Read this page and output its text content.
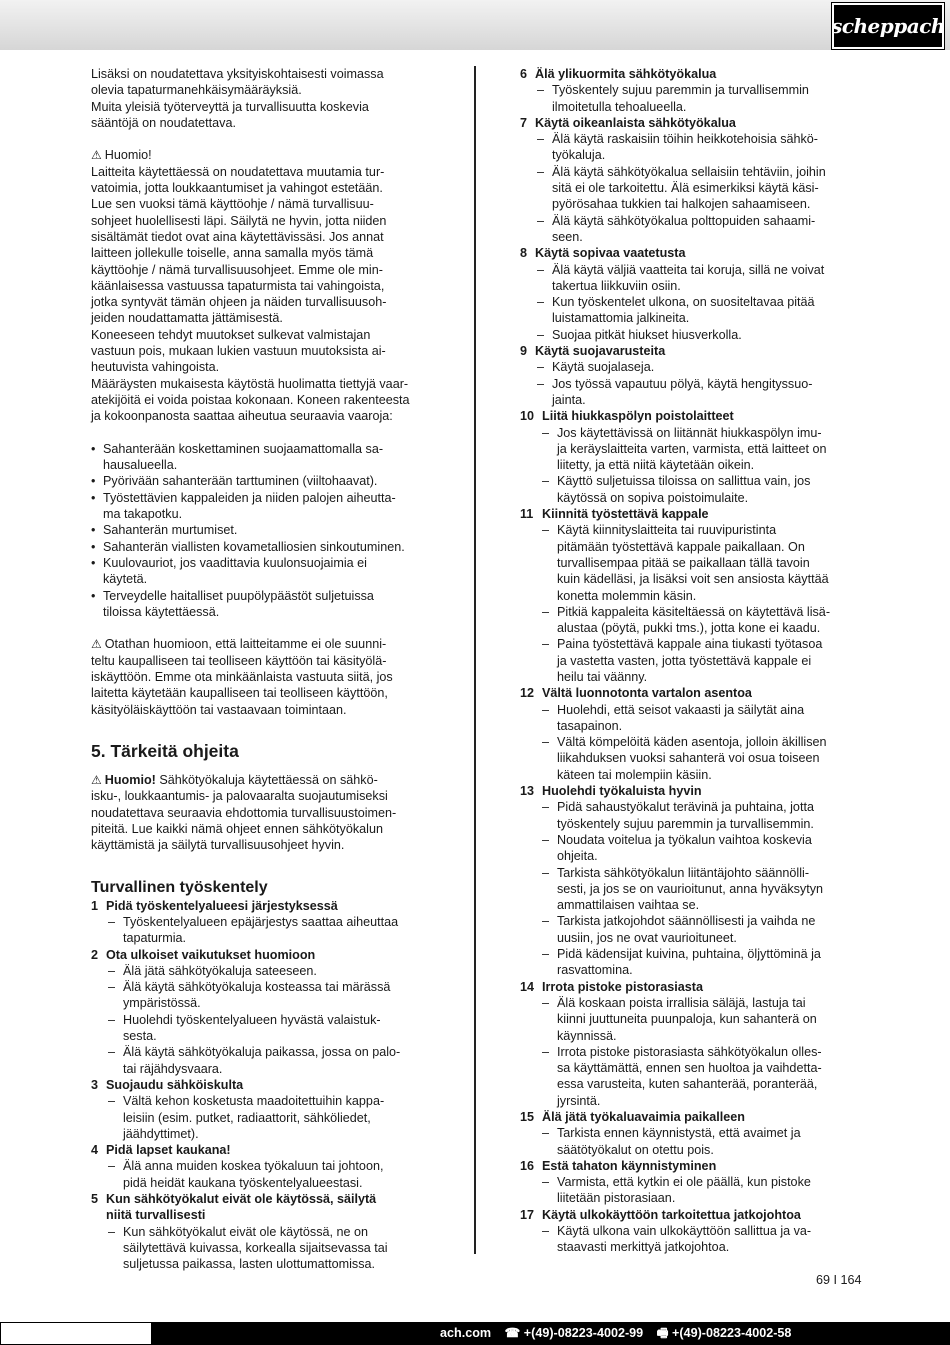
scheppach
Lisäksi on noudatettava yksityiskohtaisesti voimassa
olevia tapaturmanehkäisymääräyksiä.
Muita yleisiä työterveyttä ja turvallisuutta koskevia
sääntöjä on noudatettava.
⚠ Huomio!
Laitteita käytettäessä on noudatettava muutamia tur-
vatoimia, jotta loukkaantumiset ja vahingot estetään.
Lue sen vuoksi tämä käyttöohje / nämä turvallisuu-
sohjeet huolellisesti läpi. Säilytä ne hyvin, jotta niiden
sisältämät tiedot ovat aina käytettävissäsi. Jos annat
laitteen jollekulle toiselle, anna samalla myös tämä
käyttöohje / nämä turvallisuusohjeet. Emme ole min-
käänlaisessa vastuussa tapaturmista tai vahingoista,
jotka syntyvät tämän ohjeen ja näiden turvallisuusoh-
jeiden noudattamatta jättämisestä.
Koneeseen tehdyt muutokset sulkevat valmistajan
vastuun pois, mukaan lukien vastuun muutoksista ai-
heutuvista vahingoista.
Määräysten mukaisesta käytöstä huolimatta tiettyjä vaar-
atekijöitä ei voida poistaa kokonaan. Koneen rakenteesta
ja kokoonpanosta saattaa aiheutua seuraavia vaaroja:
• Sahanterään koskettaminen suojaamattomalla sa-
hausalueella.
• Pyörivään sahanterään tarttuminen (viiltohaavat).
• Työstettävien kappaleiden ja niiden palojen aiheutta-
ma takapotku.
• Sahanterän murtumiset.
• Sahanterän viallisten kovametalliosien sinkoutuminen.
• Kuulovauriot, jos vaadittavia kuulonsuojaimia ei
käytetä.
• Terveydelle haitalliset puupölypäästöt suljetuissa
tiloissa käytettäessä.
⚠ Otathan huomioon, että laitteitamme ei ole suunni-
teltu kaupalliseen tai teolliseen käyttöön tai käsityölä-
iskäyttöön. Emme ota minkäänlaista vastuuta siitä, jos
laitetta käytetään kaupalliseen tai teolliseen käyttöön,
käsityöläiskäyttöön tai vastaavaan toimintaan.
5. Tärkeitä ohjeita
⚠ Huomio! Sähkötyökaluja käytettäessä on sähkö-
isku-, loukkaantumis- ja palovaaralta suojautumiseksi
noudatettava seuraavia ehdottomia turvallisuustoimen-
piteitä. Lue kaikki nämä ohjeet ennen sähkötyökalun
käyttämistä ja säilytä turvallisuusohjeet hyvin.
Turvallinen työskentely
1 Pidä työskentelyalueesi järjestyksessä
– Työskentelyalueen epäjärjestys saattaa aiheuttaa
tapaturmia.
2 Ota ulkoiset vaikutukset huomioon
– Älä jätä sähkötyökaluja sateeseen.
– Älä käytä sähkötyökaluja kosteassa tai märässä
ympäristössä.
– Huolehdi työskentelyalueen hyvästä valaistuk-
sesta.
– Älä käytä sähkötyökaluja paikassa, jossa on palo-
tai räjähdysvaara.
3 Suojaudu sähköiskulta
– Vältä kehon kosketusta maadoitettuihin kappa-
leisiin (esim. putket, radiaattorit, sähköliedet,
jäähdyttimet).
4 Pidä lapset kaukana!
– Älä anna muiden koskea työkaluun tai johtoon,
pidä heidät kaukana työskentelyalueestasi.
5 Kun sähkötyökalut eivät ole käytössä, säilytä
niitä turvallisesti
– Kun sähkötyökalut eivät ole käytössä, ne on
säilytettävä kuivassa, korkealla sijaitsevassa tai
suljetussa paikassa, lasten ulottumattomissa.
6 Älä ylikuormita sähkötyökalua
– Työskentely sujuu paremmin ja turvallisemmin
ilmoitetulla tehoalueella.
7 Käytä oikeanlaista sähkötyökalua
– Älä käytä raskaisiin töihin heikkotehoisia sähkö-
työkaluja.
– Älä käytä sähkötyökalua sellaisiin tehtäviin, joihin
sitä ei ole tarkoitettu. Älä esimerkiksi käytä käsi-
pyörösahaa tukkien tai halkojen sahaamiseen.
– Älä käytä sähkötyökalua polttopuiden sahaami-
seen.
8 Käytä sopivaa vaatetusta
– Älä käytä väljiä vaatteita tai koruja, sillä ne voivat
takertua liikkuviin osiin.
– Kun työskentelet ulkona, on suositeltavaa pitää
luistamattomia jalkineita.
– Suojaa pitkät hiukset hiusverkolla.
9 Käytä suojavarusteita
– Käytä suojalaseja.
– Jos työssä vapautuu pölyä, käytä hengityssuo-
jainta.
10 Liitä hiukkaspölyn poistolaitteet
– Jos käytettävissä on liitännät hiukkaspölyn imu-
ja keräyslaitteita varten, varmista, että laitteet on
liitetty, ja että niitä käytetään oikein.
– Käyttö suljetuissa tiloissa on sallittua vain, jos
käytössä on sopiva poistoimulaite.
11 Kiinnitä työstettävä kappale
– Käytä kiinnityslaitteita tai ruuvipuristinta
pitämään työstettävä kappale paikallaan. On
turvallisempaa pitää se paikallaan tällä tavoin
kuin kädelläsi, ja lisäksi voit sen ansiosta käyttää
konetta molemmin käsin.
– Pitkiä kappaleita käsiteltäessä on käytettävä lisä-
alustaa (pöytä, pukki tms.), jotta kone ei kaadu.
– Paina työstettävä kappale aina tiukasti työtasoa
ja vastetta vasten, jotta työstettävä kappale ei
heilu tai väänny.
12 Vältä luonnotonta vartalon asentoa
– Huolehdi, että seisot vakaasti ja säilytät aina
tasapainon.
– Vältä kömpelöitä käden asentoja, jolloin äkillisen
liikahduksen vuoksi sahanterä voi osua toiseen
käteen tai molempiin käsiin.
13 Huolehdi työkaluista hyvin
– Pidä sahaustyökalut terävinä ja puhtaina, jotta
työskentely sujuu paremmin ja turvallisemmin.
– Noudata voitelua ja työkalun vaihtoa koskevia
ohjeita.
– Tarkista sähkötyökalun liitäntäjohto säännölli-
sesti, ja jos se on vaurioitunut, anna hyväksytyn
ammattilaisen vaihtaa se.
– Tarkista jatkojohdot säännöllisesti ja vaihda ne
uusiin, jos ne ovat vaurioituneet.
– Pidä kädensijat kuivina, puhtaina, öljyttöminä ja
rasvattomina.
14 Irrota pistoke pistorasiasta
– Älä koskaan poista irrallisia säläjä, lastuja tai
kiinni juuttuneita puunpaloja, kun sahanterä on
käynnissä.
– Irrota pistoke pistorasiasta sähkötyökalun olles-
sa käyttämättä, ennen sen huoltoa ja vaihdetta-
essa varusteita, kuten sahanterää, poranterää,
jyrsintä.
15 Älä jätä työkaluavaimia paikalleen
– Tarkista ennen käynnistystä, että avaimet ja
säätötyökalut on otettu pois.
16 Estä tahaton käynnistyminen
– Varmista, että kytkin ei ole päällä, kun pistoke
liitetään pistorasiaan.
17 Käytä ulkokäyttöön tarkoitettua jatkojohtoa
– Käytä ulkona vain ulkokäyttöön sallittua ja va-
staavasti merkittyä jatkojohtoa.
69 I 164
ach.com ☎ +(49)-08223-4002-99 🖷 +(49)-08223-4002-58
